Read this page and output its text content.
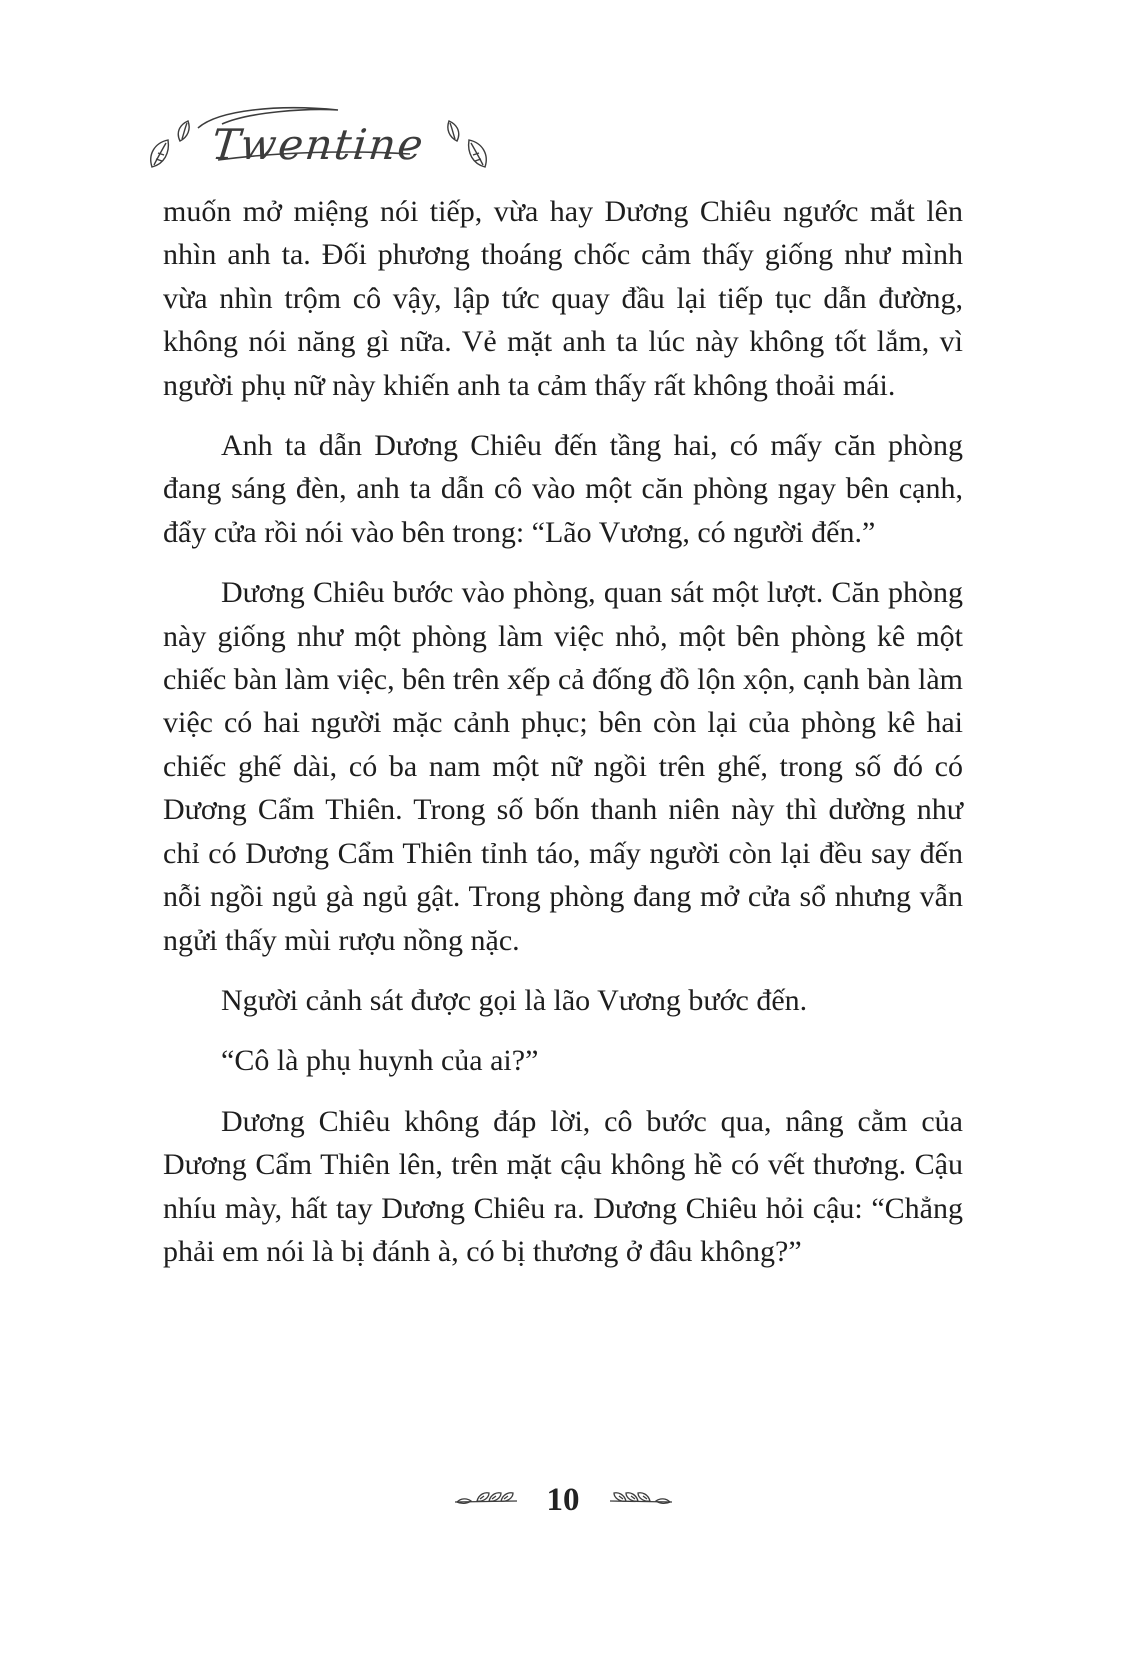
Twentine

muốn mở miệng nói tiếp, vừa hay Dương Chiêu ngước mắt lên nhìn anh ta. Đối phương thoáng chốc cảm thấy giống như mình vừa nhìn trộm cô vậy, lập tức quay đầu lại tiếp tục dẫn đường, không nói năng gì nữa. Vẻ mặt anh ta lúc này không tốt lắm, vì người phụ nữ này khiến anh ta cảm thấy rất không thoải mái.

Anh ta dẫn Dương Chiêu đến tầng hai, có mấy căn phòng đang sáng đèn, anh ta dẫn cô vào một căn phòng ngay bên cạnh, đẩy cửa rồi nói vào bên trong: “Lão Vương, có người đến.”

Dương Chiêu bước vào phòng, quan sát một lượt. Căn phòng này giống như một phòng làm việc nhỏ, một bên phòng kê một chiếc bàn làm việc, bên trên xếp cả đống đồ lộn xộn, cạnh bàn làm việc có hai người mặc cảnh phục; bên còn lại của phòng kê hai chiếc ghế dài, có ba nam một nữ ngồi trên ghế, trong số đó có Dương Cẩm Thiên. Trong số bốn thanh niên này thì dường như chỉ có Dương Cẩm Thiên tỉnh táo, mấy người còn lại đều say đến nỗi ngồi ngủ gà ngủ gật. Trong phòng đang mở cửa sổ nhưng vẫn ngửi thấy mùi rượu nồng nặc.

Người cảnh sát được gọi là lão Vương bước đến.

“Cô là phụ huynh của ai?”

Dương Chiêu không đáp lời, cô bước qua, nâng cằm của Dương Cẩm Thiên lên, trên mặt cậu không hề có vết thương. Cậu nhíu mày, hất tay Dương Chiêu ra. Dương Chiêu hỏi cậu: “Chẳng phải em nói là bị đánh à, có bị thương ở đâu không?”

10
